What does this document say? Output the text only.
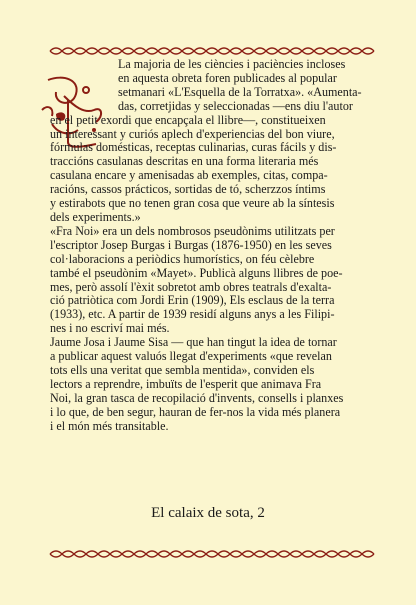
La majoria de les ciències i paciències incloses
en aquesta obreta foren publicades al popular
setmanari «L'Esquella de la Torratxa». «Aumenta-
das, corretjidas y seleccionadas —ens diu l'autor
en el petit exordi que encapçala el llibre—, constitueixen
un interessant y curiós aplech d'experiencias del bon viure,
fórmulas domésticas, receptas culinarias, curas fácils y dis-
traccións casulanas descritas en una forma literaria més
casulana encare y amenisadas ab exemples, citas, compa-
racións, cassos prácticos, sortidas de tó, scherzzos íntims
y estirabots que no tenen gran cosa que veure ab la síntesis
dels experiments.»
«Fra Noi» era un dels nombrosos pseudònims utilitzats per
l'escriptor Josep Burgas i Burgas (1876-1950) en les seves
col·laboracions a periòdics humorístics, on féu cèlebre
també el pseudònim «Mayet». Publicà alguns llibres de poe-
mes, però assolí l'èxit sobretot amb obres teatrals d'exalta-
ció patriòtica com Jordi Erin (1909), Els esclaus de la terra
(1933), etc. A partir de 1939 residí alguns anys a les Filipi-
nes i no escriví mai més.
Jaume Josa i Jaume Sisa — que han tingut la idea de tornar
a publicar aquest valuós llegat d'experiments «que revelan
tots ells una veritat que sembla mentida», conviden els
lectors a reprendre, imbuïts de l'esperit que animava Fra
Noi, la gran tasca de recopilació d'invents, consells i planxes
i lo que, de ben segur, hauran de fer-nos la vida més planera
i el món més transitable.
El calaix de sota, 2
